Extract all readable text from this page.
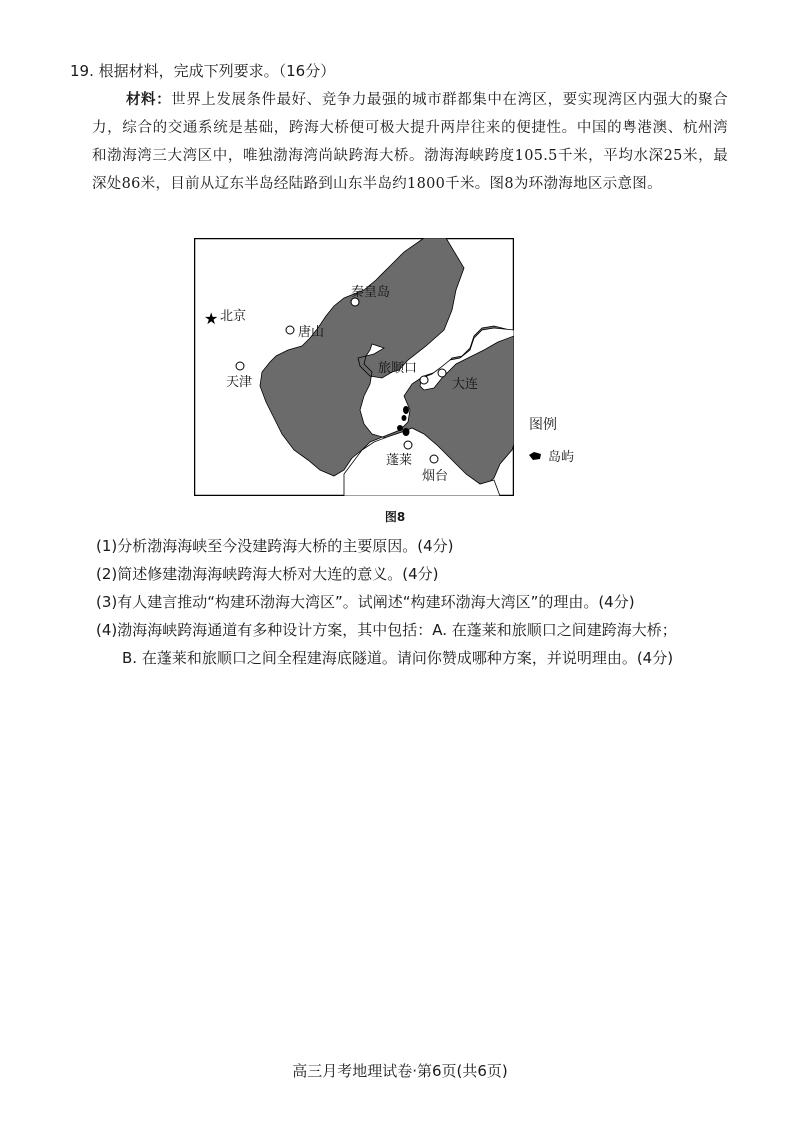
19. 根据材料，完成下列要求。（16分）

材料：世界上发展条件最好、竞争力最强的城市群都集中在湾区，要实现湾区内强大的聚合力，综合的交通系统是基础，跨海大桥便可极大提升两岸往来的便捷性。中国的粤港澳、杭州湾和渤海湾三大湾区中，唯独渤海湾尚缺跨海大桥。渤海海峡跨度105.5千米，平均水深25米，最深处86米，目前从辽东半岛经陆路到山东半岛约1800千米。图8为环渤海地区示意图。

★ 北京
唐山
秦皇岛
天津
旅顺口
大连
蓬莱
烟台
图例
岛屿
图8

(1)分析渤海海峡至今没建跨海大桥的主要原因。(4分)

(2)简述修建渤海海峡跨海大桥对大连的意义。(4分)

(3)有人建言推动“构建环渤海大湾区”。试阐述“构建环渤海大湾区”的理由。(4分)

(4)渤海海峡跨海通道有多种设计方案，其中包括：A. 在蓬莱和旅顺口之间建跨海大桥；

B. 在蓬莱和旅顺口之间全程建海底隧道。请问你赞成哪种方案，并说明理由。(4分)

高三月考地理试卷·第6页(共6页)
